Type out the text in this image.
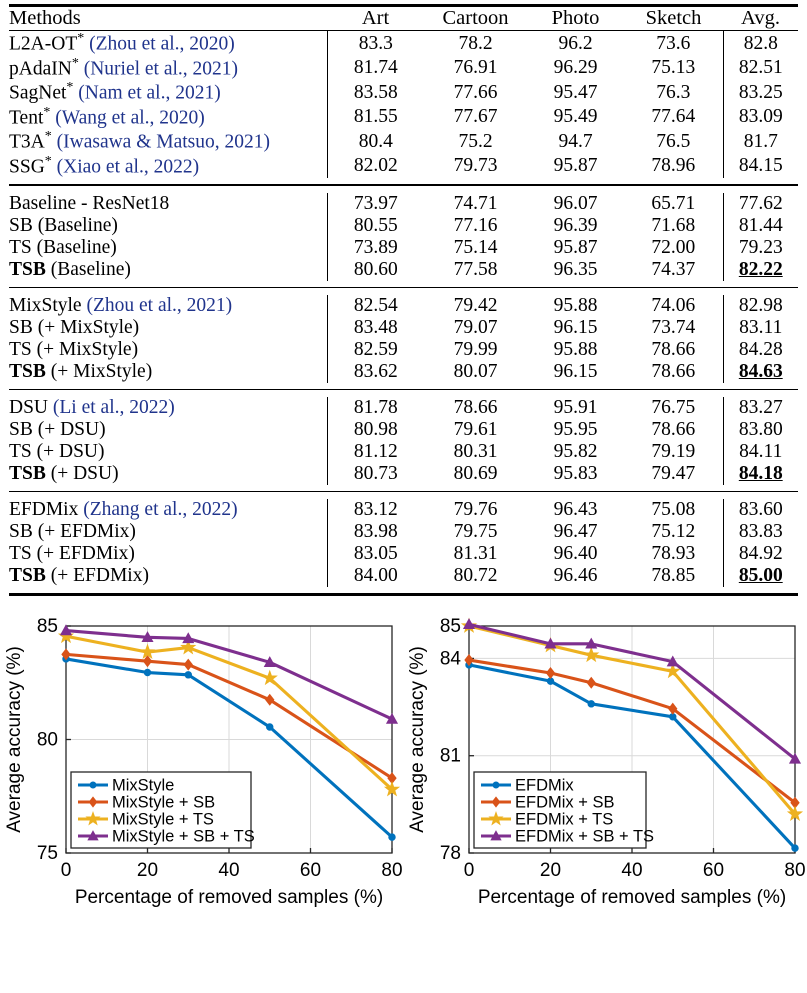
Methods	Art	Cartoon	Photo	Sketch	Avg.

L2A-OT* (Zhou et al., 2020)	83.3	78.2	96.2	73.6	82.8
pAdaIN* (Nuriel et al., 2021)	81.74	76.91	96.29	75.13	82.51
SagNet* (Nam et al., 2021)	83.58	77.66	95.47	76.3	83.25
Tent* (Wang et al., 2020)	81.55	77.67	95.49	77.64	83.09
T3A* (Iwasawa & Matsuo, 2021)	80.4	75.2	94.7	76.5	81.7
SSG* (Xiao et al., 2022)	82.02	79.73	95.87	78.96	84.15

Baseline - ResNet18	73.97	74.71	96.07	65.71	77.62
SB (Baseline)	80.55	77.16	96.39	71.68	81.44
TS (Baseline)	73.89	75.14	95.87	72.00	79.23
TSB (Baseline)	80.60	77.58	96.35	74.37	82.22

MixStyle (Zhou et al., 2021)	82.54	79.42	95.88	74.06	82.98
SB (+ MixStyle)	83.48	79.07	96.15	73.74	83.11
TS (+ MixStyle)	82.59	79.99	95.88	78.66	84.28
TSB (+ MixStyle)	83.62	80.07	96.15	78.66	84.63

DSU (Li et al., 2022)	81.78	78.66	95.91	76.75	83.27
SB (+ DSU)	80.98	79.61	95.95	78.66	83.80
TS (+ DSU)	81.12	80.31	95.82	79.19	84.11
TSB (+ DSU)	80.73	80.69	95.83	79.47	84.18

EFDMix (Zhang et al., 2022)	83.12	79.76	96.43	75.08	83.60
SB (+ EFDMix)	83.98	79.75	96.47	75.12	83.83
TS (+ EFDMix)	83.05	81.31	96.40	78.93	84.92
TSB (+ EFDMix)	84.00	80.72	96.46	78.85	85.00

0	20	40	60	80
75
80
85
Percentage of removed samples (%)
Average accuracy (%)	MixStyle
MixStyle + SB
MixStyle + TS
MixStyle + SB + TS
0	20	40	60	80
78
81
84
85
Percentage of removed samples (%)
Average accuracy (%)	EFDMix
EFDMix + SB
EFDMix + TS
EFDMix + SB + TS
